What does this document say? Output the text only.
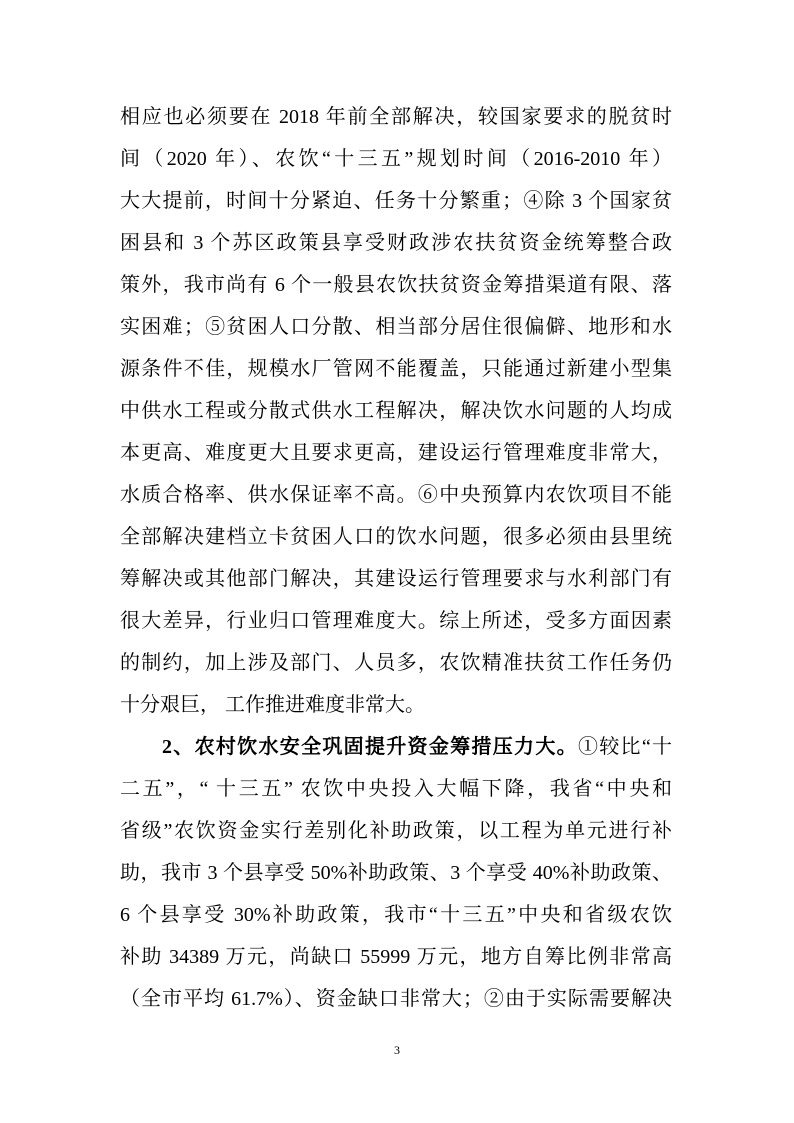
相应也必须要在 2018 年前全部解决，较国家要求的脱贫时
间（2020 年）、农饮“十三五”规划时间（2016-2010 年）
大大提前，时间十分紧迫、任务十分繁重；④除 3 个国家贫
困县和 3 个苏区政策县享受财政涉农扶贫资金统筹整合政
策外，我市尚有 6 个一般县农饮扶贫资金筹措渠道有限、落
实困难；⑤贫困人口分散、相当部分居住很偏僻、地形和水
源条件不佳，规模水厂管网不能覆盖，只能通过新建小型集
中供水工程或分散式供水工程解决，解决饮水问题的人均成
本更高、难度更大且要求更高，建设运行管理难度非常大，
水质合格率、供水保证率不高。⑥中央预算内农饮项目不能
全部解决建档立卡贫困人口的饮水问题，很多必须由县里统
筹解决或其他部门解决，其建设运行管理要求与水利部门有
很大差异，行业归口管理难度大。综上所述，受多方面因素
的制约，加上涉及部门、人员多，农饮精准扶贫工作任务仍
十分艰巨， 工作推进难度非常大。
2、农村饮水安全巩固提升资金筹措压力大。①较比“十
二五”，“ 十三五” 农饮中央投入大幅下降，我省“中央和
省级”农饮资金实行差别化补助政策，以工程为单元进行补
助，我市 3 个县享受 50%补助政策、3 个享受 40%补助政策、
6 个县享受 30%补助政策，我市“十三五”中央和省级农饮
补助 34389 万元，尚缺口 55999 万元，地方自筹比例非常高
（全市平均 61.7%）、资金缺口非常大；②由于实际需要解决
3
